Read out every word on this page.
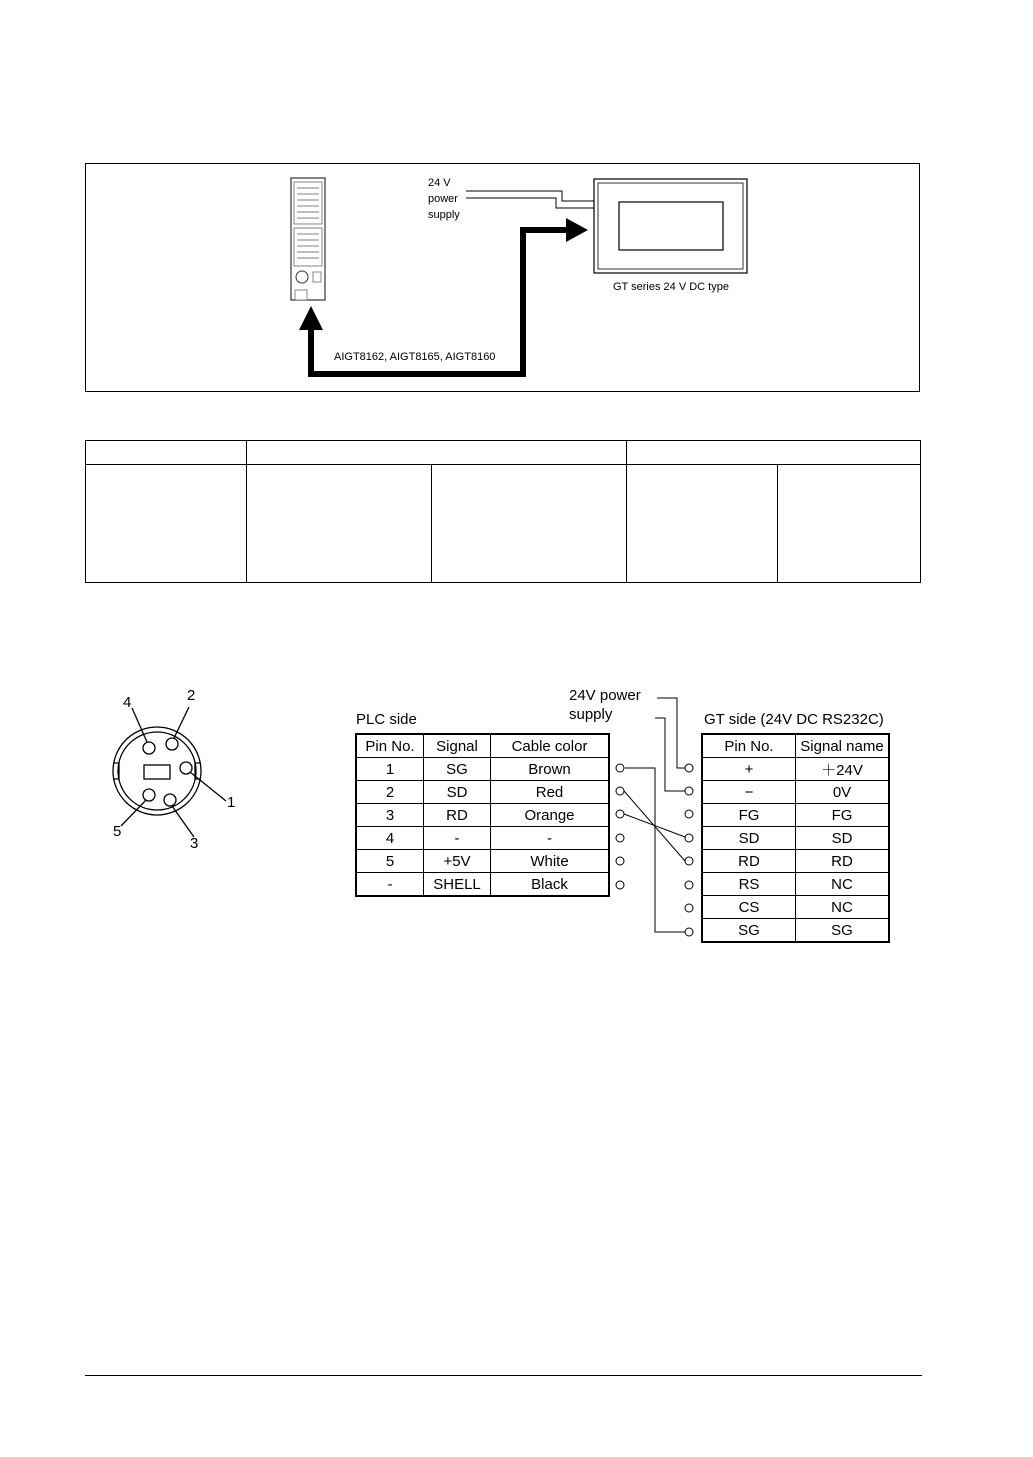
24 V
power
supply
GT series 24 V DC type
AIGT8162, AIGT8165, AIGT8160

4	2
1
5
3
PLC side
24V power
supply	GT side (24V DC RS232C)
Pin No.	Signal	Cable color
1	SG	Brown
2	SD	Red
3	RD	Orange
4	-	-
5	+5V	White
-	SHELL	Black
Pin No.	Signal name
+	＋24V
−	0V
FG	FG
SD	SD
RD	RD
RS	NC
CS	NC
SG	SG
